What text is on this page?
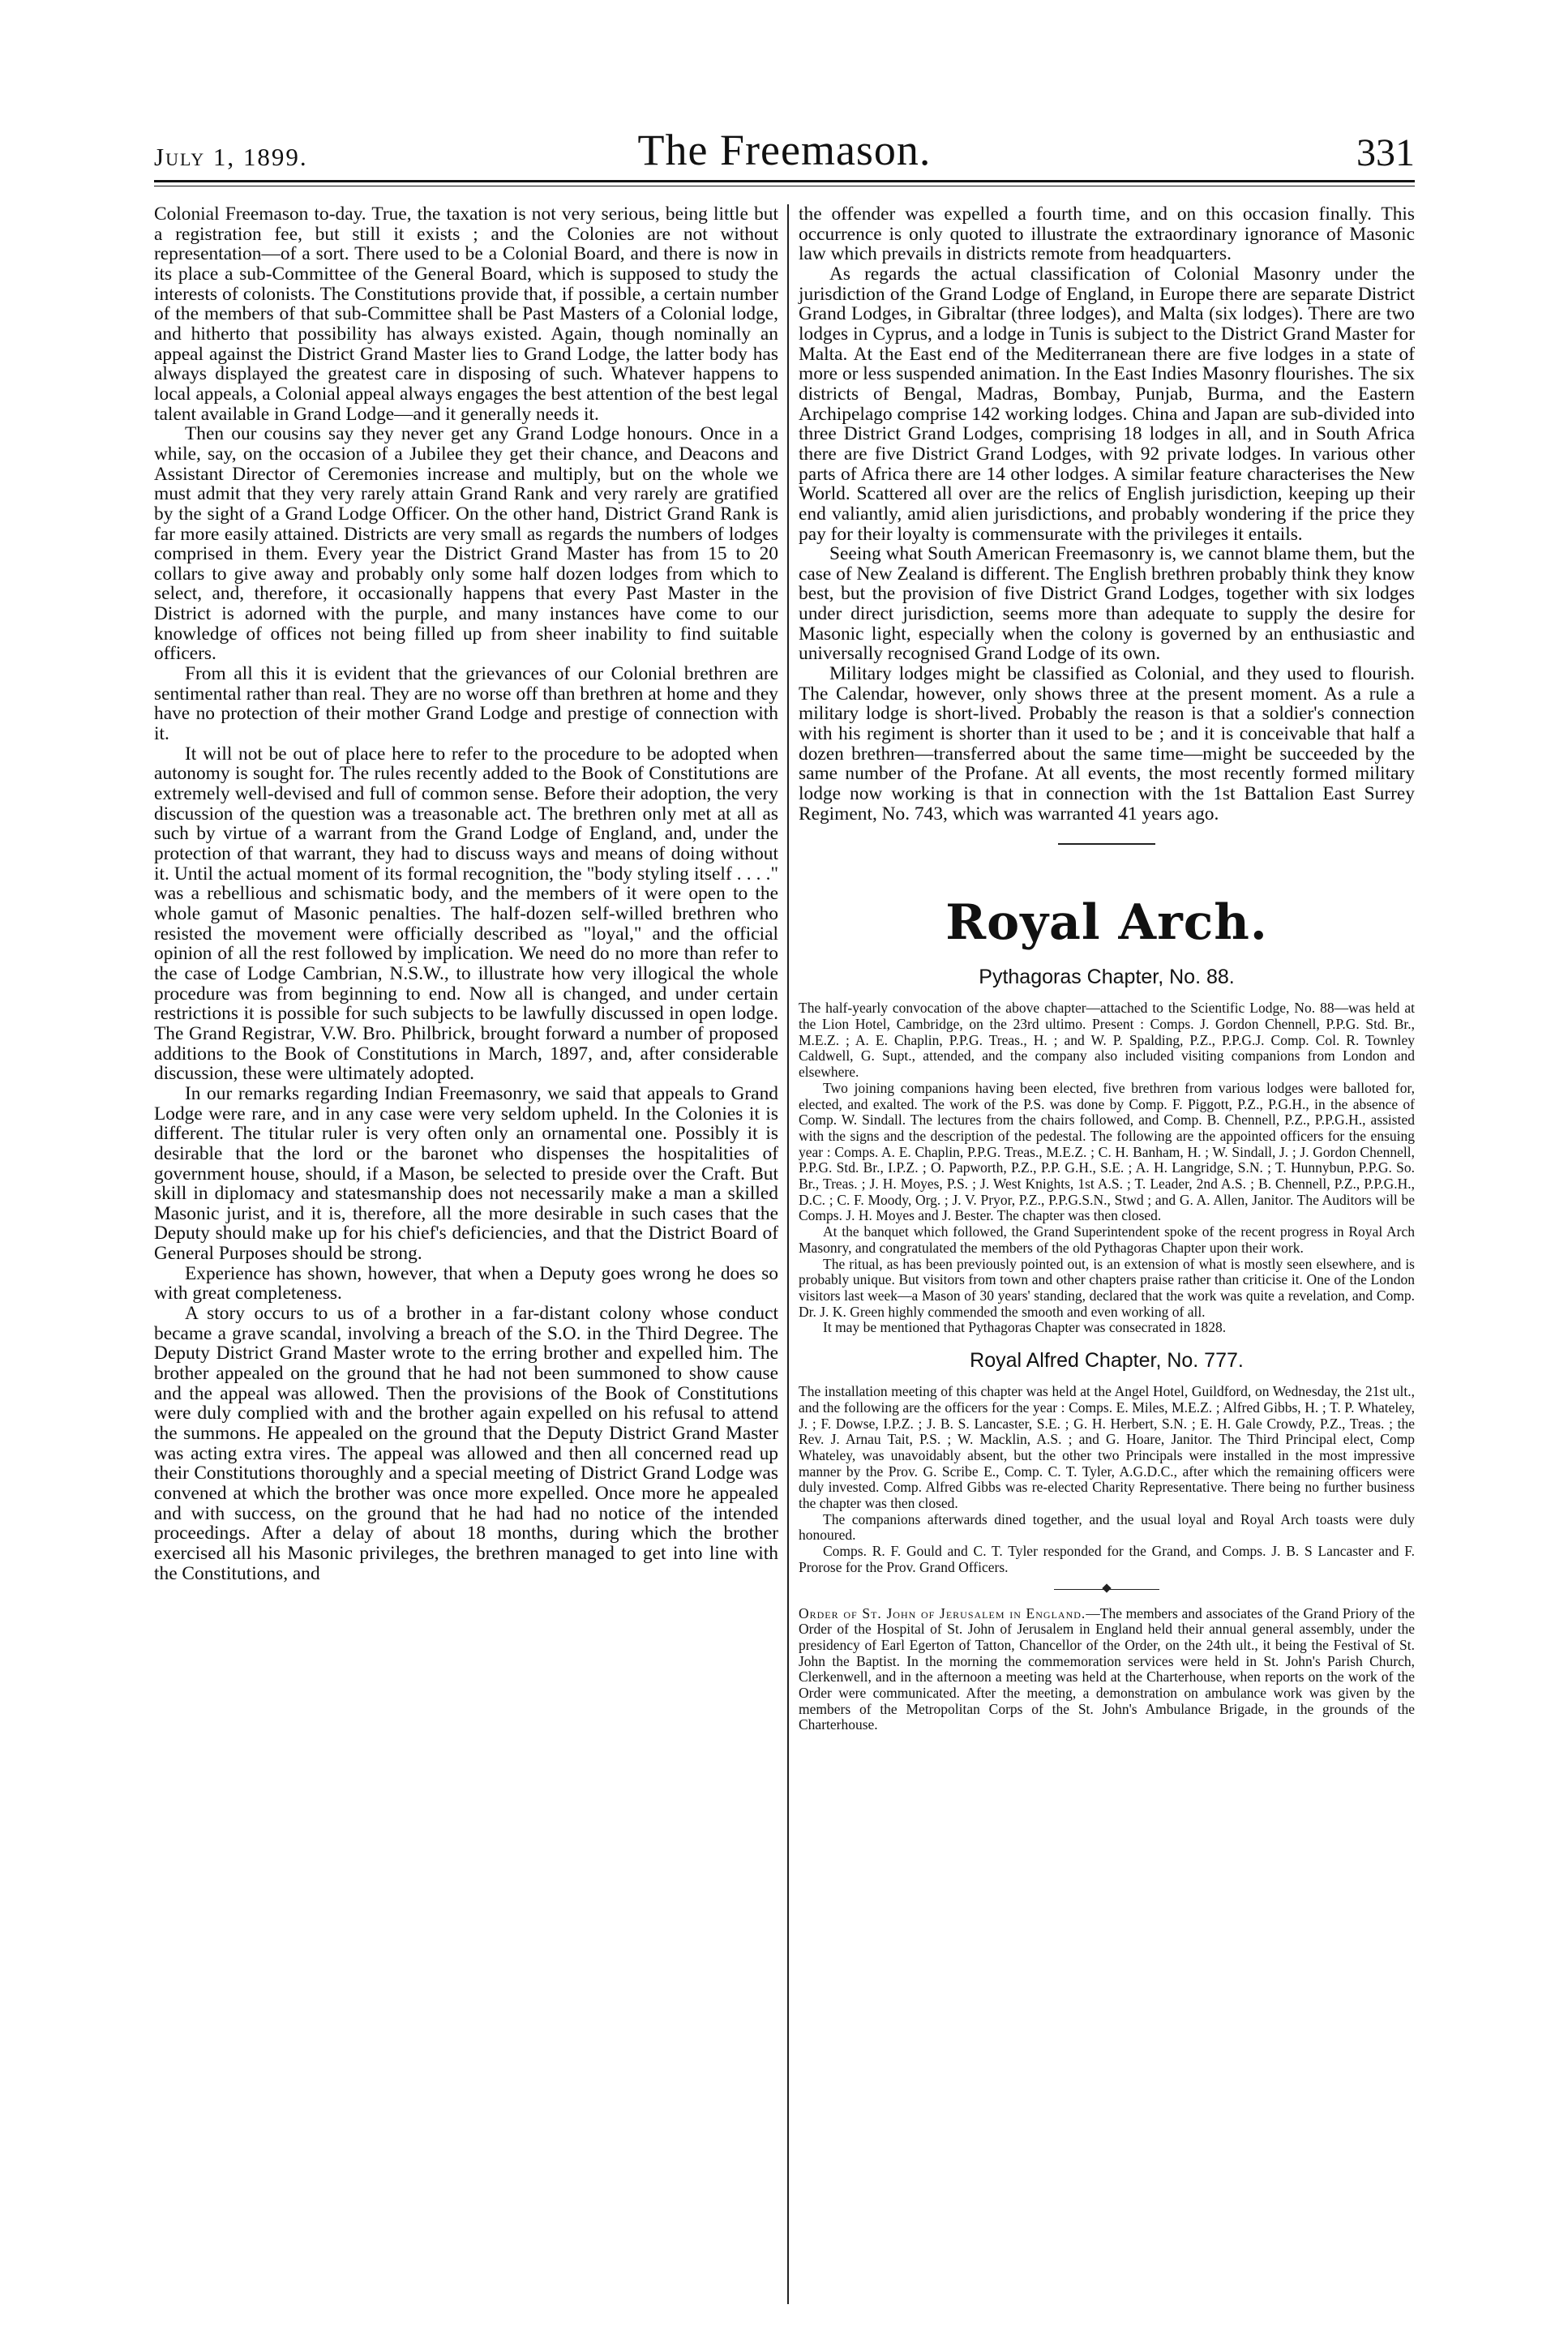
July 1, 1899.	The Freemason.	331

Colonial Freemason to-day. True, the taxation is not very serious, being little but a registration fee, but still it exists ; and the Colonies are not without representation—of a sort. There used to be a Colonial Board, and there is now in its place a sub-Committee of the General Board, which is supposed to study the interests of colonists. The Constitutions provide that, if possible, a certain number of the members of that sub-Committee shall be Past Masters of a Colonial lodge, and hitherto that possibility has always existed. Again, though nominally an appeal against the District Grand Master lies to Grand Lodge, the latter body has always displayed the greatest care in disposing of such. Whatever happens to local appeals, a Colonial appeal always engages the best attention of the best legal talent available in Grand Lodge—and it generally needs it.

Then our cousins say they never get any Grand Lodge honours. Once in a while, say, on the occasion of a Jubilee they get their chance, and Deacons and Assistant Director of Ceremonies increase and multiply, but on the whole we must admit that they very rarely attain Grand Rank and very rarely are gratified by the sight of a Grand Lodge Officer. On the other hand, District Grand Rank is far more easily attained. Districts are very small as regards the numbers of lodges comprised in them. Every year the District Grand Master has from 15 to 20 collars to give away and probably only some half dozen lodges from which to select, and, therefore, it occasionally happens that every Past Master in the District is adorned with the purple, and many instances have come to our knowledge of offices not being filled up from sheer inability to find suitable officers.

From all this it is evident that the grievances of our Colonial brethren are sentimental rather than real. They are no worse off than brethren at home and they have no protection of their mother Grand Lodge and prestige of connection with it.

It will not be out of place here to refer to the procedure to be adopted when autonomy is sought for. The rules recently added to the Book of Constitutions are extremely well-devised and full of common sense. Before their adoption, the very discussion of the question was a treasonable act. The brethren only met at all as such by virtue of a warrant from the Grand Lodge of England, and, under the protection of that warrant, they had to discuss ways and means of doing without it. Until the actual moment of its formal recognition, the "body styling itself . . . ." was a rebellious and schismatic body, and the members of it were open to the whole gamut of Masonic penalties. The half-dozen self-willed brethren who resisted the movement were officially described as "loyal," and the official opinion of all the rest followed by implication. We need do no more than refer to the case of Lodge Cambrian, N.S.W., to illustrate how very illogical the whole procedure was from beginning to end. Now all is changed, and under certain restrictions it is possible for such subjects to be lawfully discussed in open lodge. The Grand Registrar, V.W. Bro. Philbrick, brought forward a number of proposed additions to the Book of Constitutions in March, 1897, and, after considerable discussion, these were ultimately adopted.

In our remarks regarding Indian Freemasonry, we said that appeals to Grand Lodge were rare, and in any case were very seldom upheld. In the Colonies it is different. The titular ruler is very often only an ornamental one. Possibly it is desirable that the lord or the baronet who dispenses the hospitalities of government house, should, if a Mason, be selected to preside over the Craft. But skill in diplomacy and statesmanship does not necessarily make a man a skilled Masonic jurist, and it is, therefore, all the more desirable in such cases that the Deputy should make up for his chief's deficiencies, and that the District Board of General Purposes should be strong.

Experience has shown, however, that when a Deputy goes wrong he does so with great completeness.

A story occurs to us of a brother in a far-distant colony whose conduct became a grave scandal, involving a breach of the S.O. in the Third Degree. The Deputy District Grand Master wrote to the erring brother and expelled him. The brother appealed on the ground that he had not been summoned to show cause and the appeal was allowed. Then the provisions of the Book of Constitutions were duly complied with and the brother again expelled on his refusal to attend the summons. He appealed on the ground that the Deputy District Grand Master was acting extra vires. The appeal was allowed and then all concerned read up their Constitutions thoroughly and a special meeting of District Grand Lodge was convened at which the brother was once more expelled. Once more he appealed and with success, on the ground that he had had no notice of the intended proceedings. After a delay of about 18 months, during which the brother exercised all his Masonic privileges, the brethren managed to get into line with the Constitutions, and

the offender was expelled a fourth time, and on this occasion finally. This occurrence is only quoted to illustrate the extraordinary ignorance of Masonic law which prevails in districts remote from headquarters.

As regards the actual classification of Colonial Masonry under the jurisdiction of the Grand Lodge of England, in Europe there are separate District Grand Lodges, in Gibraltar (three lodges), and Malta (six lodges). There are two lodges in Cyprus, and a lodge in Tunis is subject to the District Grand Master for Malta. At the East end of the Mediterranean there are five lodges in a state of more or less suspended animation. In the East Indies Masonry flourishes. The six districts of Bengal, Madras, Bombay, Punjab, Burma, and the Eastern Archipelago comprise 142 working lodges. China and Japan are sub-divided into three District Grand Lodges, comprising 18 lodges in all, and in South Africa there are five District Grand Lodges, with 92 private lodges. In various other parts of Africa there are 14 other lodges. A similar feature characterises the New World. Scattered all over are the relics of English jurisdiction, keeping up their end valiantly, amid alien jurisdictions, and probably wondering if the price they pay for their loyalty is commensurate with the privileges it entails.

Seeing what South American Freemasonry is, we cannot blame them, but the case of New Zealand is different. The English brethren probably think they know best, but the provision of five District Grand Lodges, together with six lodges under direct jurisdiction, seems more than adequate to supply the desire for Masonic light, especially when the colony is governed by an enthusiastic and universally recognised Grand Lodge of its own.

Military lodges might be classified as Colonial, and they used to flourish. The Calendar, however, only shows three at the present moment. As a rule a military lodge is short-lived. Probably the reason is that a soldier's connection with his regiment is shorter than it used to be ; and it is conceivable that half a dozen brethren—transferred about the same time—might be succeeded by the same number of the Profane. At all events, the most recently formed military lodge now working is that in connection with the 1st Battalion East Surrey Regiment, No. 743, which was warranted 41 years ago.

Royal Arch.
Pythagoras Chapter, No. 88.

The half-yearly convocation of the above chapter—attached to the Scientific Lodge, No. 88—was held at the Lion Hotel, Cambridge, on the 23rd ultimo. Present : Comps. J. Gordon Chennell, P.P.G. Std. Br., M.E.Z. ; A. E. Chaplin, P.P.G. Treas., H. ; and W. P. Spalding, P.Z., P.P.G.J. Comp. Col. R. Townley Caldwell, G. Supt., attended, and the company also included visiting companions from London and elsewhere.

Two joining companions having been elected, five brethren from various lodges were balloted for, elected, and exalted. The work of the P.S. was done by Comp. F. Piggott, P.Z., P.G.H., in the absence of Comp. W. Sindall. The lectures from the chairs followed, and Comp. B. Chennell, P.Z., P.P.G.H., assisted with the signs and the description of the pedestal. The following are the appointed officers for the ensuing year : Comps. A. E. Chaplin, P.P.G. Treas., M.E.Z. ; C. H. Banham, H. ; W. Sindall, J. ; J. Gordon Chennell, P.P.G. Std. Br., I.P.Z. ; O. Papworth, P.Z., P.P. G.H., S.E. ; A. H. Langridge, S.N. ; T. Hunnybun, P.P.G. So. Br., Treas. ; J. H. Moyes, P.S. ; J. West Knights, 1st A.S. ; T. Leader, 2nd A.S. ; B. Chennell, P.Z., P.P.G.H., D.C. ; C. F. Moody, Org. ; J. V. Pryor, P.Z., P.P.G.S.N., Stwd ; and G. A. Allen, Janitor. The Auditors will be Comps. J. H. Moyes and J. Bester. The chapter was then closed.

At the banquet which followed, the Grand Superintendent spoke of the recent progress in Royal Arch Masonry, and congratulated the members of the old Pythagoras Chapter upon their work.

The ritual, as has been previously pointed out, is an extension of what is mostly seen elsewhere, and is probably unique. But visitors from town and other chapters praise rather than criticise it. One of the London visitors last week—a Mason of 30 years' standing, declared that the work was quite a revelation, and Comp. Dr. J. K. Green highly commended the smooth and even working of all.

It may be mentioned that Pythagoras Chapter was consecrated in 1828.

Royal Alfred Chapter, No. 777.

The installation meeting of this chapter was held at the Angel Hotel, Guildford, on Wednesday, the 21st ult., and the following are the officers for the year : Comps. E. Miles, M.E.Z. ; Alfred Gibbs, H. ; T. P. Whateley, J. ; F. Dowse, I.P.Z. ; J. B. S. Lancaster, S.E. ; G. H. Herbert, S.N. ; E. H. Gale Crowdy, P.Z., Treas. ; the Rev. J. Arnau Tait, P.S. ; W. Macklin, A.S. ; and G. Hoare, Janitor. The Third Principal elect, Comp Whateley, was unavoidably absent, but the other two Principals were installed in the most impressive manner by the Prov. G. Scribe E., Comp. C. T. Tyler, A.G.D.C., after which the remaining officers were duly invested. Comp. Alfred Gibbs was re-elected Charity Representative. There being no further business the chapter was then closed.

The companions afterwards dined together, and the usual loyal and Royal Arch toasts were duly honoured.

Comps. R. F. Gould and C. T. Tyler responded for the Grand, and Comps. J. B. S Lancaster and F. Prorose for the Prov. Grand Officers.

Order of St. John of Jerusalem in England.—The members and associates of the Grand Priory of the Order of the Hospital of St. John of Jerusalem in England held their annual general assembly, under the presidency of Earl Egerton of Tatton, Chancellor of the Order, on the 24th ult., it being the Festival of St. John the Baptist. In the morning the commemoration services were held in St. John's Parish Church, Clerkenwell, and in the afternoon a meeting was held at the Charterhouse, when reports on the work of the Order were communicated. After the meeting, a demonstration on ambulance work was given by the members of the Metropolitan Corps of the St. John's Ambulance Brigade, in the grounds of the Charterhouse.
